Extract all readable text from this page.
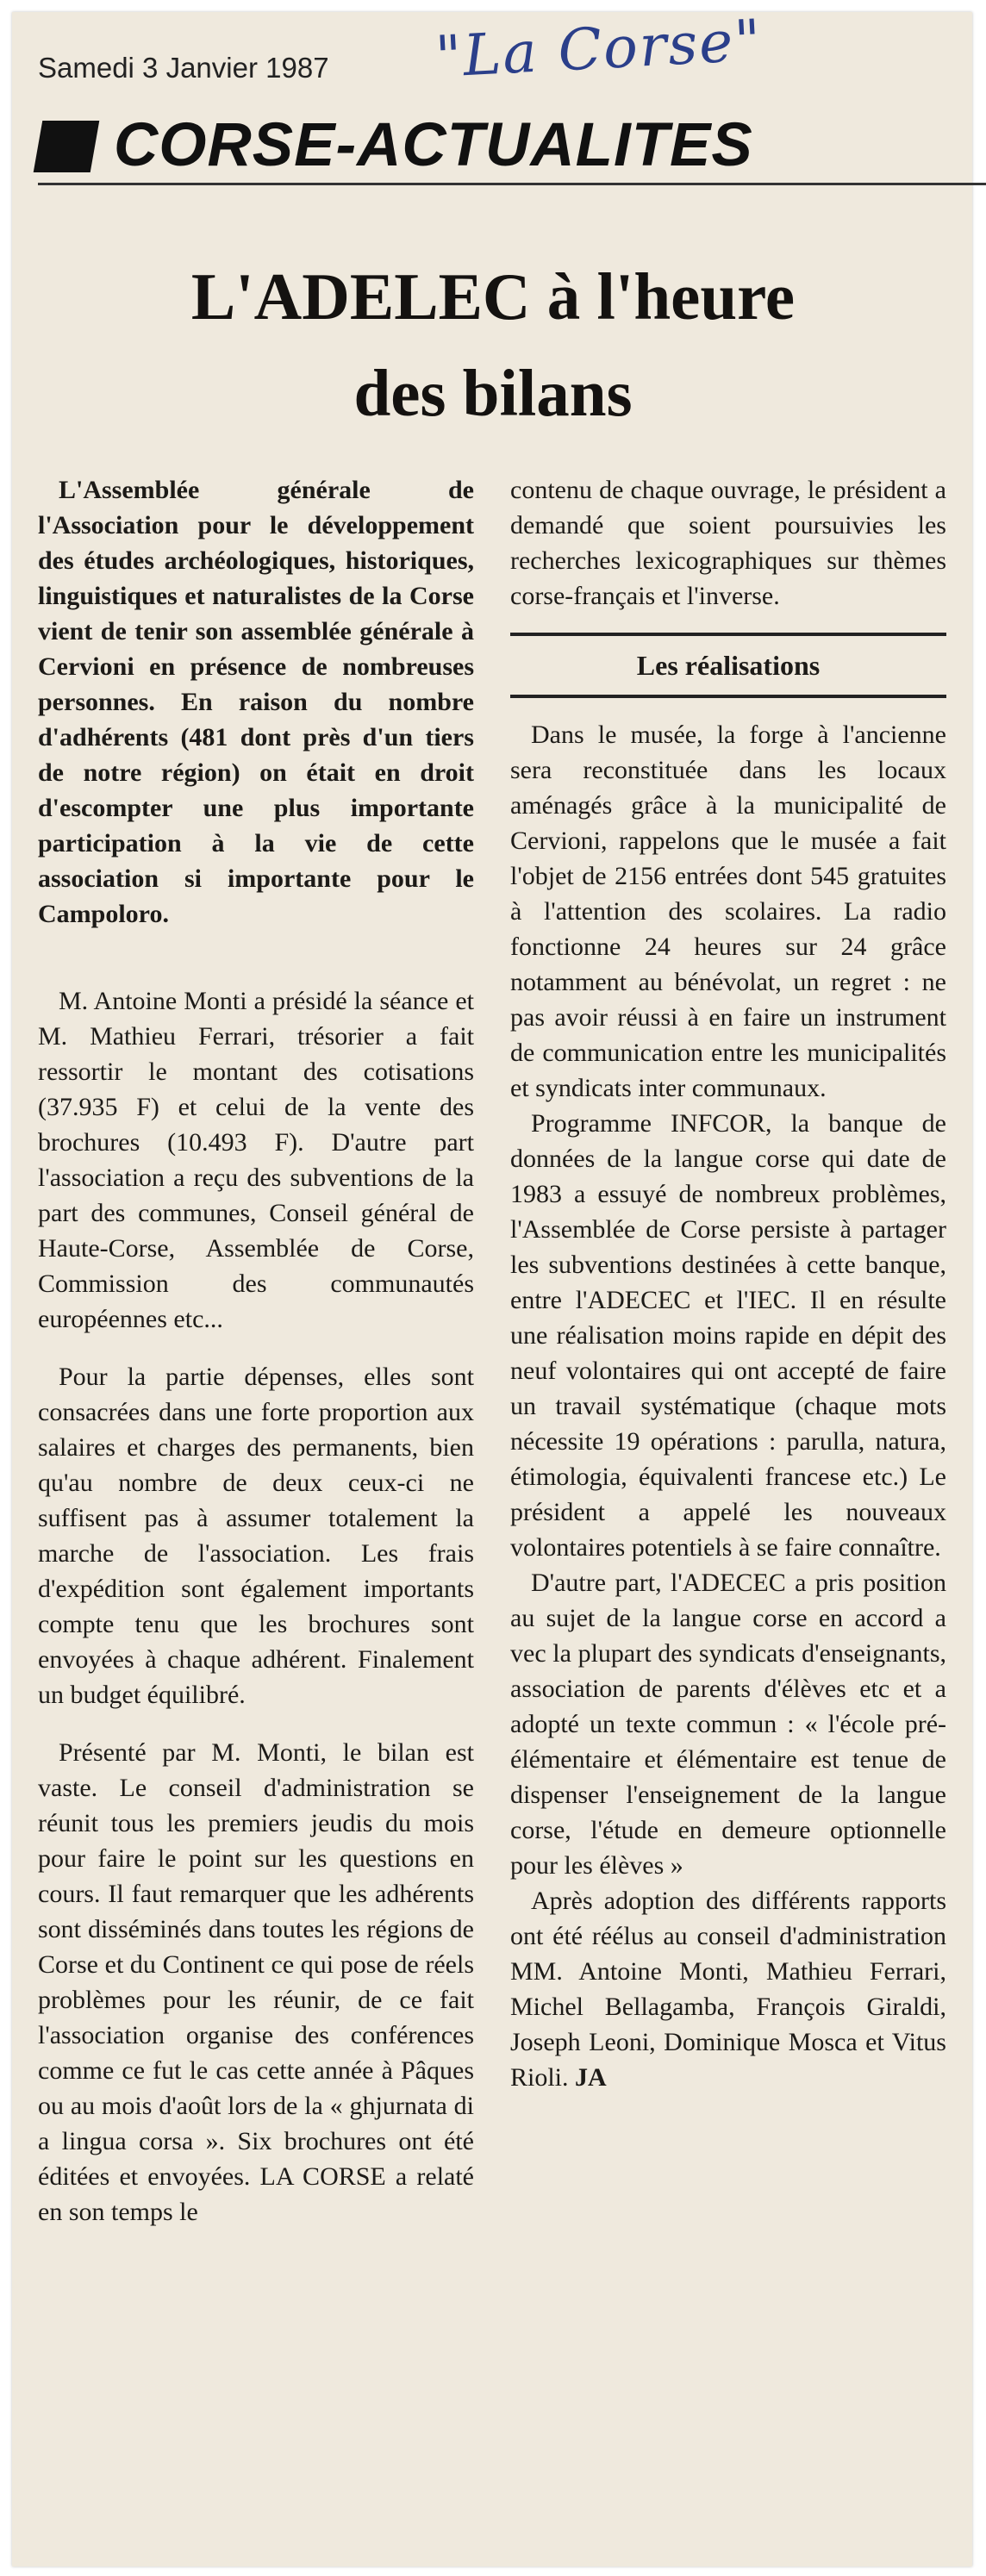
Samedi 3 Janvier 1987 "La Corse"
CORSE-ACTUALITES
L'ADELEC à l'heure
des bilans

L'Assemblée générale de l'Association pour le développement des études archéologiques, historiques, linguistiques et naturalistes de la Corse vient de tenir son assemblée générale à Cervioni en présence de nombreuses personnes. En raison du nombre d'adhérents (481 dont près d'un tiers de notre région) on était en droit d'escompter une plus importante participation à la vie de cette association si importante pour le Campoloro.

M. Antoine Monti a présidé la séance et M. Mathieu Ferrari, trésorier a fait ressortir le montant des cotisations (37.935 F) et celui de la vente des brochures (10.493 F). D'autre part l'association a reçu des subventions de la part des communes, Conseil général de Haute-Corse, Assemblée de Corse, Commission des communautés européennes etc...

Pour la partie dépenses, elles sont consacrées dans une forte proportion aux salaires et charges des permanents, bien qu'au nombre de deux ceux-ci ne suffisent pas à assumer totalement la marche de l'association. Les frais d'expédition sont également importants compte tenu que les brochures sont envoyées à chaque adhérent. Finalement un budget équilibré.

Présenté par M. Monti, le bilan est vaste. Le conseil d'administration se réunit tous les premiers jeudis du mois pour faire le point sur les questions en cours. Il faut remarquer que les adhérents sont disséminés dans toutes les régions de Corse et du Continent ce qui pose de réels problèmes pour les réunir, de ce fait l'association organise des conférences comme ce fut le cas cette année à Pâques ou au mois d'août lors de la « ghjurnata di a lingua corsa ». Six brochures ont été éditées et envoyées. LA CORSE a relaté en son temps le

contenu de chaque ouvrage, le président a demandé que soient poursuivies les recherches lexicographiques sur thèmes corse-français et l'inverse.

Les réalisations

Dans le musée, la forge à l'ancienne sera reconstituée dans les locaux aménagés grâce à la municipalité de Cervioni, rappelons que le musée a fait l'objet de 2156 entrées dont 545 gratuites à l'attention des scolaires. La radio fonctionne 24 heures sur 24 grâce notamment au bénévolat, un regret : ne pas avoir réussi à en faire un instrument de communication entre les municipalités et syndicats inter communaux.

Programme INFCOR, la banque de données de la langue corse qui date de 1983 a essuyé de nombreux problèmes, l'Assemblée de Corse persiste à partager les subventions destinées à cette banque, entre l'ADECEC et l'IEC. Il en résulte une réalisation moins rapide en dépit des neuf volontaires qui ont accepté de faire un travail systématique (chaque mots nécessite 19 opérations : parulla, natura, étimologia, équivalenti francese etc.) Le président a appelé les nouveaux volontaires potentiels à se faire connaître.

D'autre part, l'ADECEC a pris position au sujet de la langue corse en accord a vec la plupart des syndicats d'enseignants, association de parents d'élèves etc et a adopté un texte commun : « l'école pré-élémentaire et élémentaire est tenue de dispenser l'enseignement de la langue corse, l'étude en demeure optionnelle pour les élèves »

Après adoption des différents rapports ont été réélus au conseil d'administration MM. Antoine Monti, Mathieu Ferrari, Michel Bellagamba, François Giraldi, Joseph Leoni, Dominique Mosca et Vitus Rioli. JA
